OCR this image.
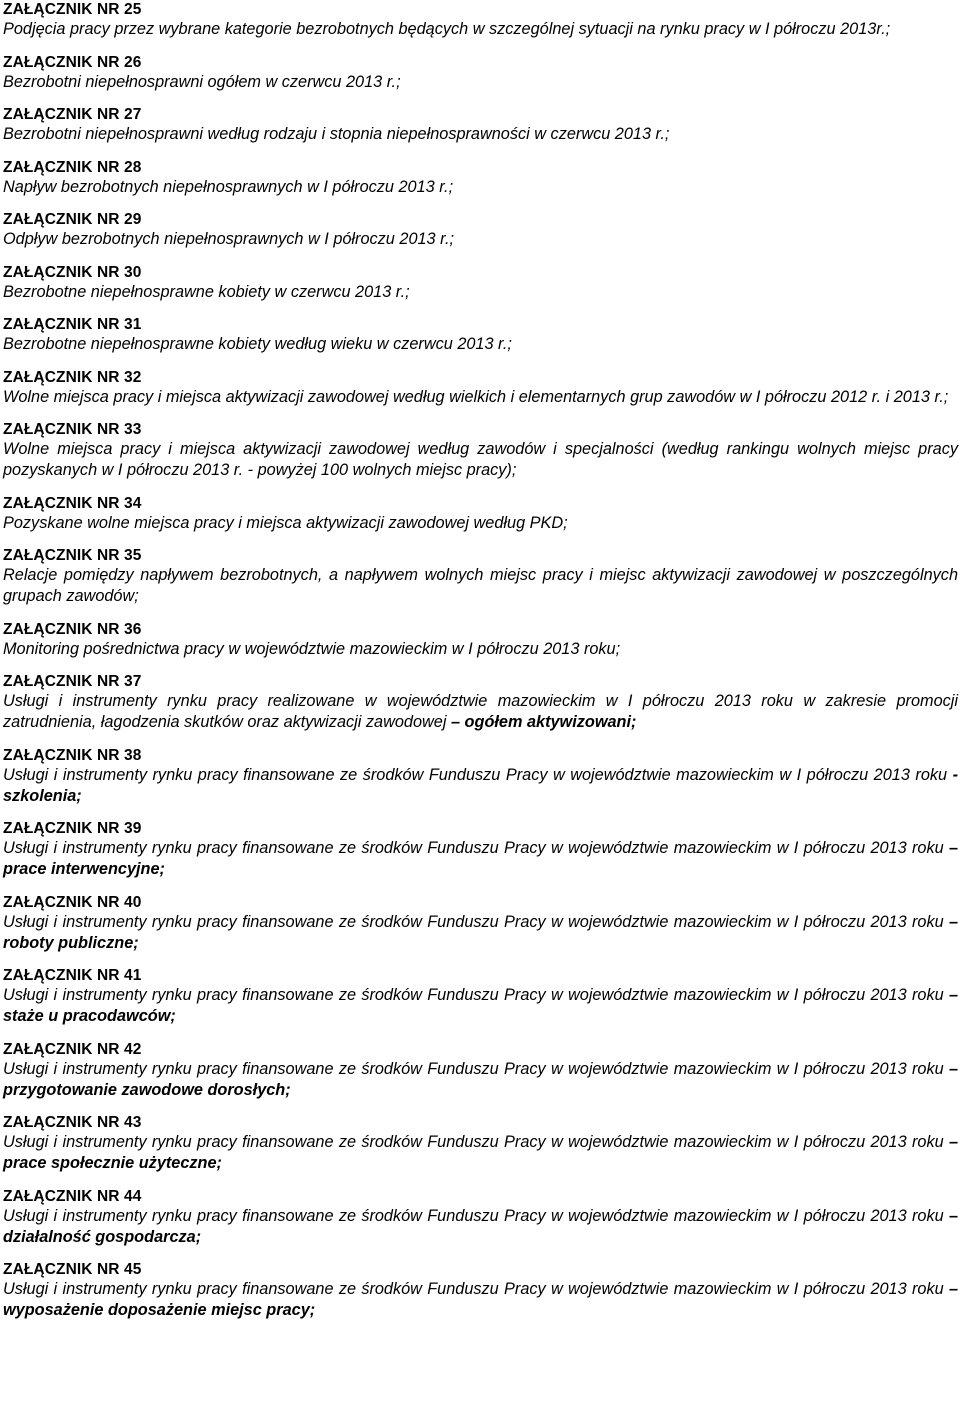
ZAŁĄCZNIK NR 25
Podjęcia pracy przez wybrane kategorie bezrobotnych będących w szczególnej sytuacji na rynku pracy w I półroczu 2013r.;
ZAŁĄCZNIK NR 26
Bezrobotni niepełnosprawni ogółem w czerwcu 2013 r.;
ZAŁĄCZNIK NR 27
Bezrobotni niepełnosprawni według rodzaju i stopnia niepełnosprawności w czerwcu 2013 r.;
ZAŁĄCZNIK NR 28
Napływ bezrobotnych niepełnosprawnych w I półroczu 2013 r.;
ZAŁĄCZNIK NR 29
Odpływ bezrobotnych niepełnosprawnych w I półroczu 2013 r.;
ZAŁĄCZNIK NR 30
Bezrobotne niepełnosprawne kobiety w czerwcu 2013 r.;
ZAŁĄCZNIK NR 31
Bezrobotne niepełnosprawne kobiety według wieku w czerwcu 2013 r.;
ZAŁĄCZNIK NR 32
Wolne miejsca pracy i miejsca aktywizacji zawodowej według wielkich i elementarnych grup zawodów w I półroczu 2012 r. i 2013 r.;
ZAŁĄCZNIK NR 33
Wolne miejsca pracy i miejsca aktywizacji zawodowej według zawodów i specjalności (według rankingu wolnych miejsc pracy pozyskanych w I półroczu 2013 r. - powyżej 100 wolnych miejsc pracy);
ZAŁĄCZNIK NR 34
Pozyskane wolne miejsca pracy i miejsca aktywizacji zawodowej według PKD;
ZAŁĄCZNIK NR 35
Relacje pomiędzy napływem bezrobotnych, a napływem wolnych miejsc pracy i miejsc aktywizacji zawodowej w poszczególnych grupach zawodów;
ZAŁĄCZNIK NR 36
Monitoring pośrednictwa pracy w województwie mazowieckim w I półroczu 2013 roku;
ZAŁĄCZNIK NR 37
Usługi i instrumenty rynku pracy realizowane w województwie mazowieckim w I półroczu 2013 roku w zakresie promocji zatrudnienia, łagodzenia skutków oraz aktywizacji zawodowej – ogółem aktywizowani;
ZAŁĄCZNIK NR 38
Usługi i instrumenty rynku pracy finansowane ze środków Funduszu Pracy w województwie mazowieckim w I półroczu 2013 roku - szkolenia;
ZAŁĄCZNIK NR 39
Usługi i instrumenty rynku pracy finansowane ze środków Funduszu Pracy w województwie mazowieckim w I półroczu 2013 roku – prace interwencyjne;
ZAŁĄCZNIK NR 40
Usługi i instrumenty rynku pracy finansowane ze środków Funduszu Pracy w województwie mazowieckim w I półroczu 2013 roku – roboty publiczne;
ZAŁĄCZNIK NR 41
Usługi i instrumenty rynku pracy finansowane ze środków Funduszu Pracy w województwie mazowieckim w I półroczu 2013 roku – staże u pracodawców;
ZAŁĄCZNIK NR 42
Usługi i instrumenty rynku pracy finansowane ze środków Funduszu Pracy w województwie mazowieckim w I półroczu 2013 roku – przygotowanie zawodowe dorosłych;
ZAŁĄCZNIK NR 43
Usługi i instrumenty rynku pracy finansowane ze środków Funduszu Pracy w województwie mazowieckim w I półroczu 2013 roku – prace społecznie użyteczne;
ZAŁĄCZNIK NR 44
Usługi i instrumenty rynku pracy finansowane ze środków Funduszu Pracy w województwie mazowieckim w I półroczu 2013 roku – działalność gospodarcza;
ZAŁĄCZNIK NR 45
Usługi i instrumenty rynku pracy finansowane ze środków Funduszu Pracy w województwie mazowieckim w I półroczu 2013 roku – wyposażenie doposażenie miejsc pracy;
